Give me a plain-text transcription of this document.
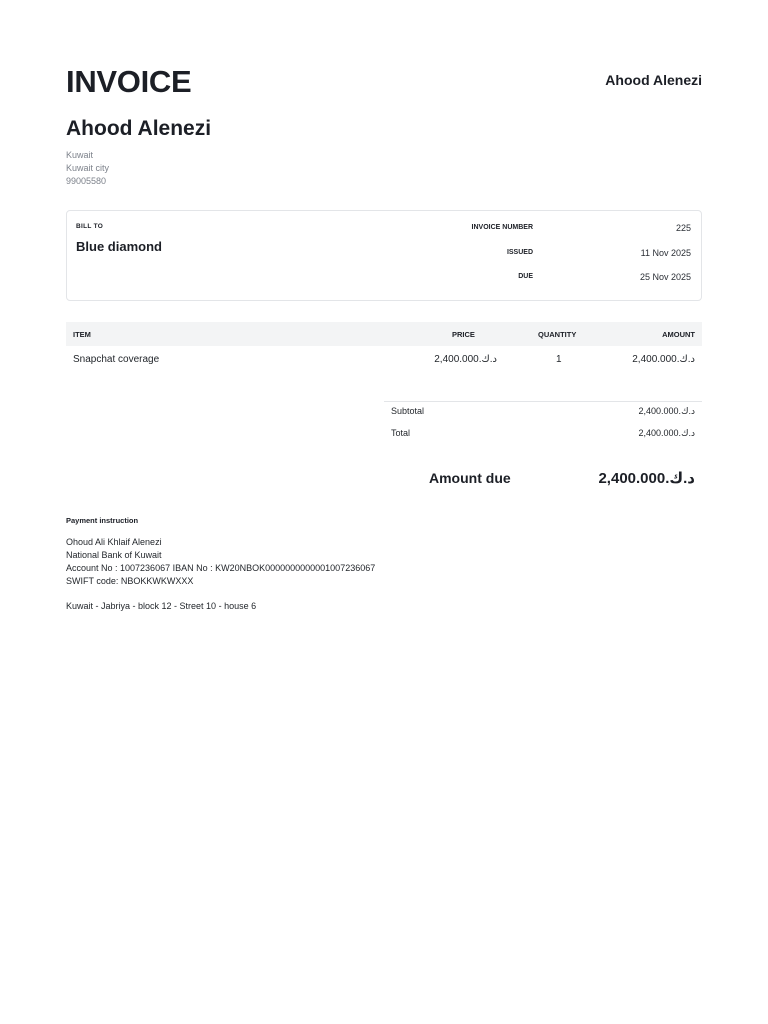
INVOICE	Ahood Alenezi
Ahood Alenezi
Kuwait
Kuwait city
99005580
BILL TO
Blue diamond
INVOICE NUMBER	225
ISSUED	11 Nov 2025
DUE	25 Nov 2025
ITEM	PRICE	QUANTITY	AMOUNT
Snapchat coverage	2,400.000.د.ك	1	2,400.000.د.ك
Subtotal	2,400.000.د.ك
Total	2,400.000.د.ك
Amount due	2,400.000.د.ك
Payment instruction
Ohoud Ali Khlaif Alenezi
National Bank of Kuwait
Account No : 1007236067 IBAN No : KW20NBOK0000000000001007236067
SWIFT code: NBOKKWKWXXX
Kuwait - Jabriya - block 12 - Street 10 - house 6
